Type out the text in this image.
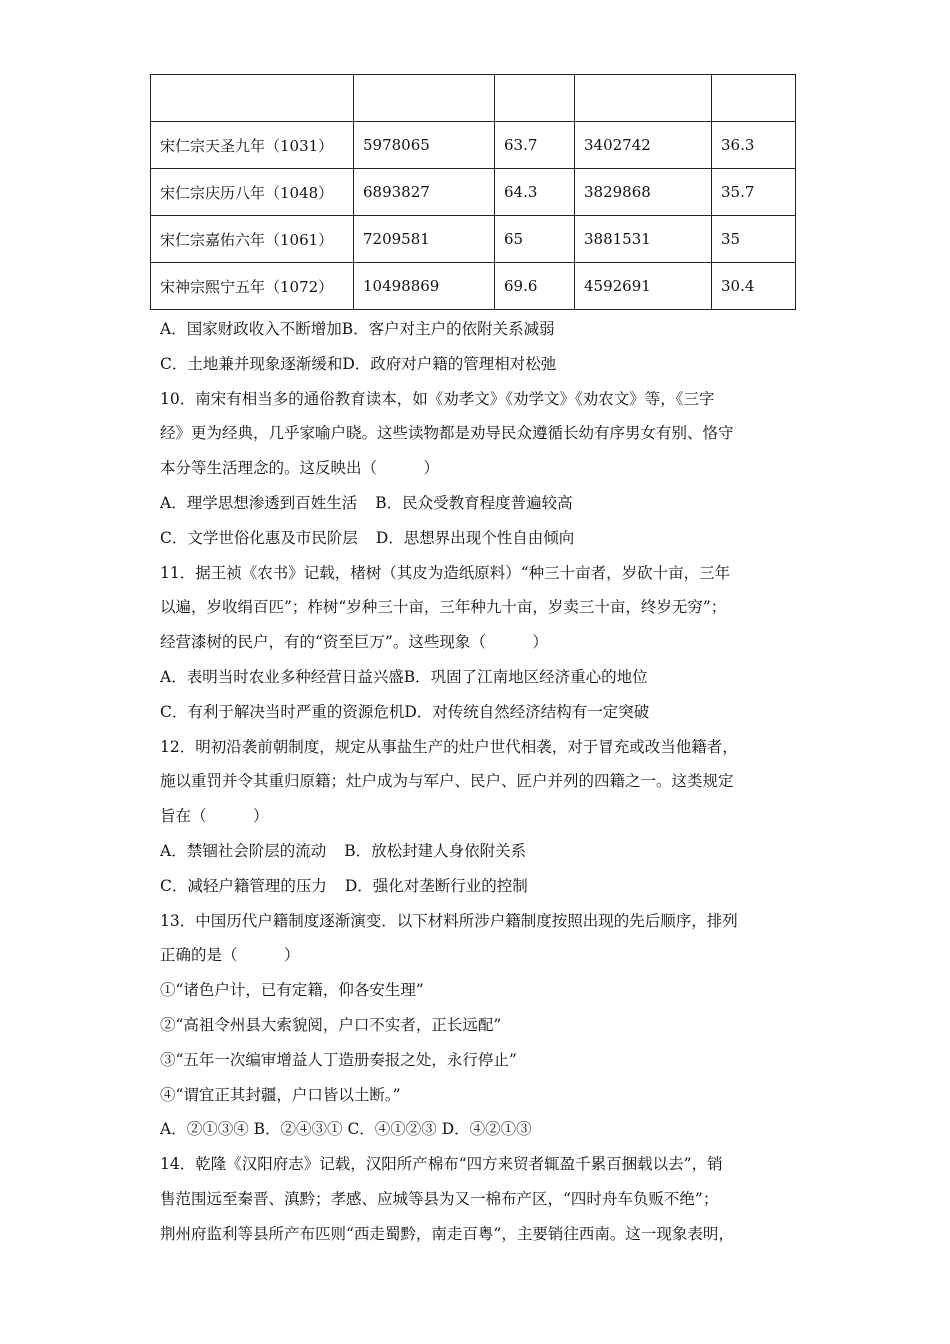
宋仁宗天圣九年（1031）	5978065	63.7	3402742	36.3
宋仁宗庆历八年（1048）	6893827	64.3	3829868	35.7
宋仁宗嘉佑六年（1061）	7209581	65	3881531	35
宋神宗熙宁五年（1072）	10498869	69.6	4592691	30.4
A．国家财政收入不断增加B．客户对主户的依附关系减弱
C．土地兼并现象逐渐缓和D．政府对户籍的管理相对松弛
10．南宋有相当多的通俗教育读本，如《劝孝文》《劝学文》《劝农文》等，《三字
经》更为经典，几乎家喻户晓。这些读物都是劝导民众遵循长幼有序男女有别、恪守
本分等生活理念的。这反映出（　　　）
A．理学思想渗透到百姓生活 B．民众受教育程度普遍较高
C．文学世俗化惠及市民阶层 D．思想界出现个性自由倾向
11．据王祯《农书》记载，楮树（其皮为造纸原料）“种三十亩者，岁砍十亩，三年
以遍，岁收绢百匹”；柞树“岁种三十亩，三年种九十亩，岁卖三十亩，终岁无穷”；
经营漆树的民户，有的“资至巨万”。这些现象（　　　）
A．表明当时农业多种经营日益兴盛B．巩固了江南地区经济重心的地位
C．有利于解决当时严重的资源危机D．对传统自然经济结构有一定突破
12．明初沿袭前朝制度，规定从事盐生产的灶户世代相袭，对于冒充或改当他籍者，
施以重罚并令其重归原籍；灶户成为与军户、民户、匠户并列的四籍之一。这类规定
旨在（　　　）
A．禁锢社会阶层的流动 B．放松封建人身依附关系
C．减轻户籍管理的压力 D．强化对垄断行业的控制
13．中国历代户籍制度逐渐演变．以下材料所涉户籍制度按照出现的先后顺序，排列
正确的是（　　　）
①“诸色户计，已有定籍，仰各安生理”
②“高祖令州县大索貌阅，户口不实者，正长远配”
③“五年一次编审增益人丁造册奏报之处，永行停止”
④“谓宜正其封疆，户口皆以土断。”
A．②①③④ B．②④③① C．④①②③ D．④②①③
14．乾隆《汉阳府志》记载，汉阳所产棉布“四方来贸者辄盈千累百捆载以去”，销
售范围远至秦晋、滇黔；孝感、应城等县为又一棉布产区，“四时舟车负贩不绝”；
荆州府监利等县所产布匹则“西走蜀黔，南走百粤”，主要销往西南。这一现象表明，
